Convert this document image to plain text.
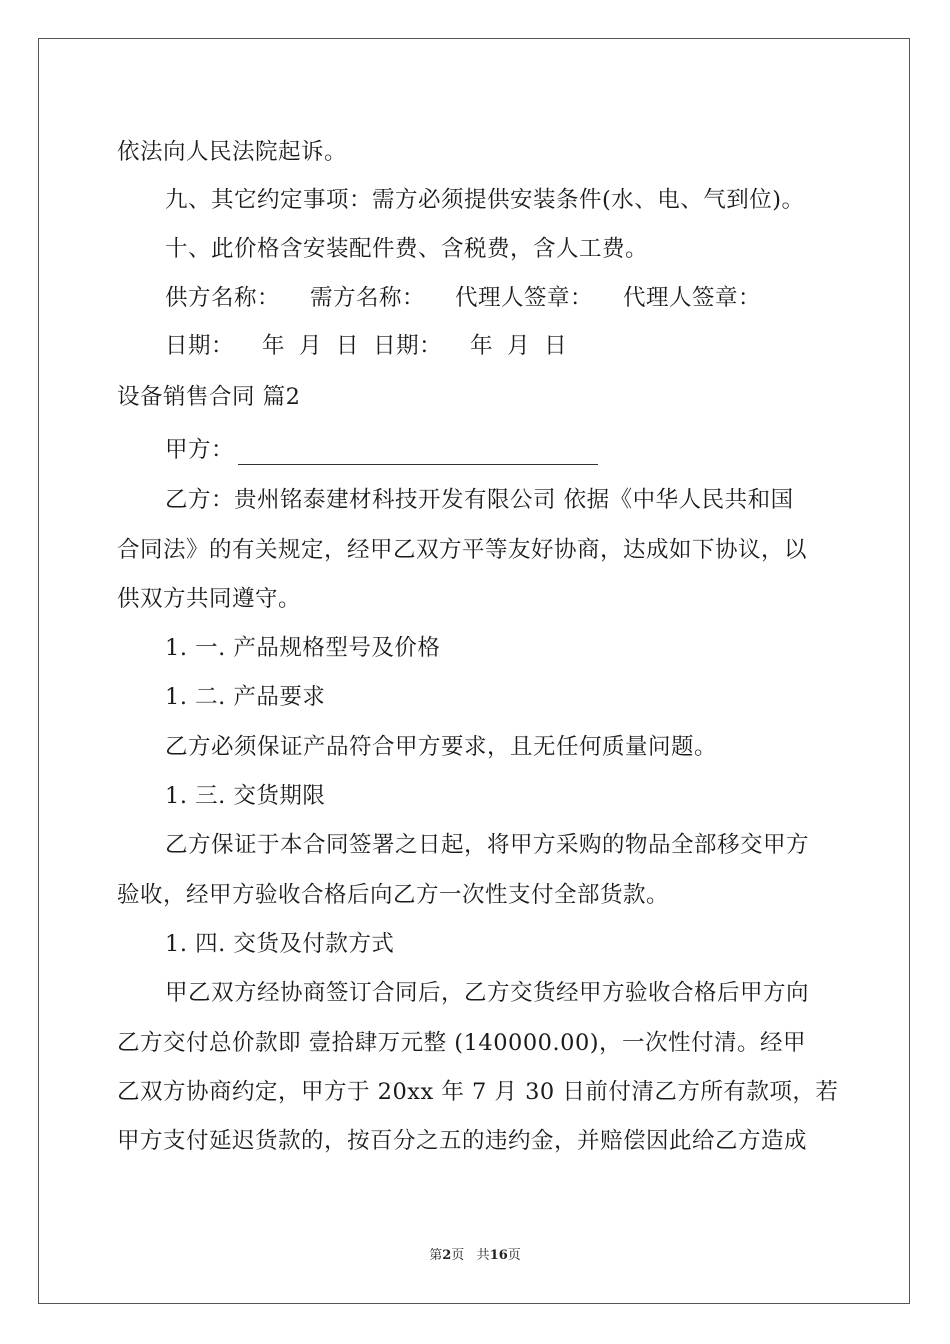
依法向人民法院起诉。
九、其它约定事项：需方必须提供安装条件(水、电、气到位)。
十、此价格含安装配件费、含税费，含人工费。
供方名称： 需方名称： 代理人签章： 代理人签章：
日期： 年 月 日 日期： 年 月 日
设备销售合同 篇2
甲方：
乙方：贵州铭泰建材科技开发有限公司 依据《中华人民共和国
合同法》的有关规定，经甲乙双方平等友好协商，达成如下协议，以
供双方共同遵守。
1. 一. 产品规格型号及价格
1. 二. 产品要求
乙方必须保证产品符合甲方要求，且无任何质量问题。
1. 三. 交货期限
乙方保证于本合同签署之日起，将甲方采购的物品全部移交甲方
验收，经甲方验收合格后向乙方一次性支付全部货款。
1. 四. 交货及付款方式
甲乙双方经协商签订合同后，乙方交货经甲方验收合格后甲方向
乙方交付总价款即 壹拾肆万元整 (140000.00)，一次性付清。经甲
乙双方协商约定，甲方于 20xx 年 7 月 30 日前付清乙方所有款项，若
甲方支付延迟货款的，按百分之五的违约金，并赔偿因此给乙方造成
第2页 共16页
